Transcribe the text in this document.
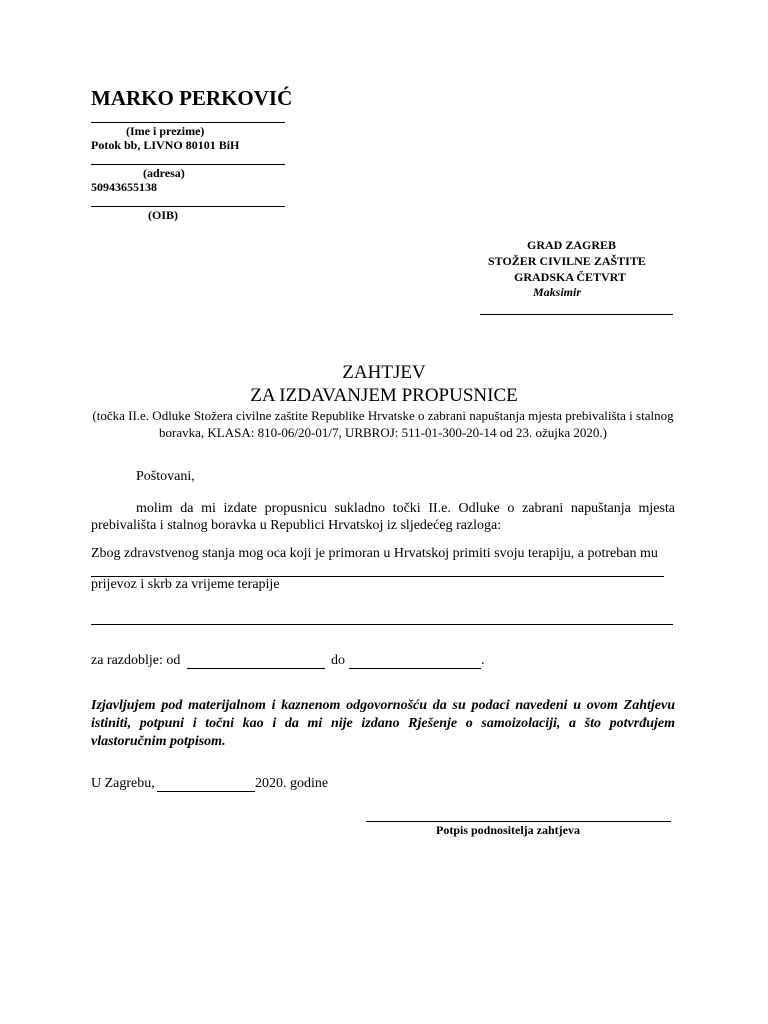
MARKO PERKOVIĆ
(Ime i prezime)
Potok bb, LIVNO 80101 BiH
(adresa)
50943655138
(OIB)
GRAD ZAGREB
STOŽER CIVILNE ZAŠTITE
GRADSKA ČETVRT
Maksimir
ZAHTJEV
ZA IZDAVANJEM PROPUSNICE
(točka II.e. Odluke Stožera civilne zaštite Republike Hrvatske o zabrani napuštanja mjesta prebivališta i stalnog boravka, KLASA: 810-06/20-01/7, URBROJ: 511-01-300-20-14 od 23. ožujka 2020.)
Poštovani,
molim da mi izdate propusnicu sukladno točki II.e. Odluke o zabrani napuštanja mjesta prebivališta i stalnog boravka u Republici Hrvatskoj iz sljedećeg razloga:
Zbog zdravstvenog stanja mog oca koji je primoran u Hrvatskoj primiti svoju terapiju, a potreban mu
prijevoz i skrb za vrijeme terapije
za razdoblje: od	do	.
Izjavljujem pod materijalnom i kaznenom odgovornošću da su podaci navedeni u ovom Zahtjevu istiniti, potpuni i točni kao i da mi nije izdano Rješenje o samoizolaciji, a što potvrđujem vlastoručnim potpisom.
U Zagrebu,	2020. godine
Potpis podnositelja zahtjeva
